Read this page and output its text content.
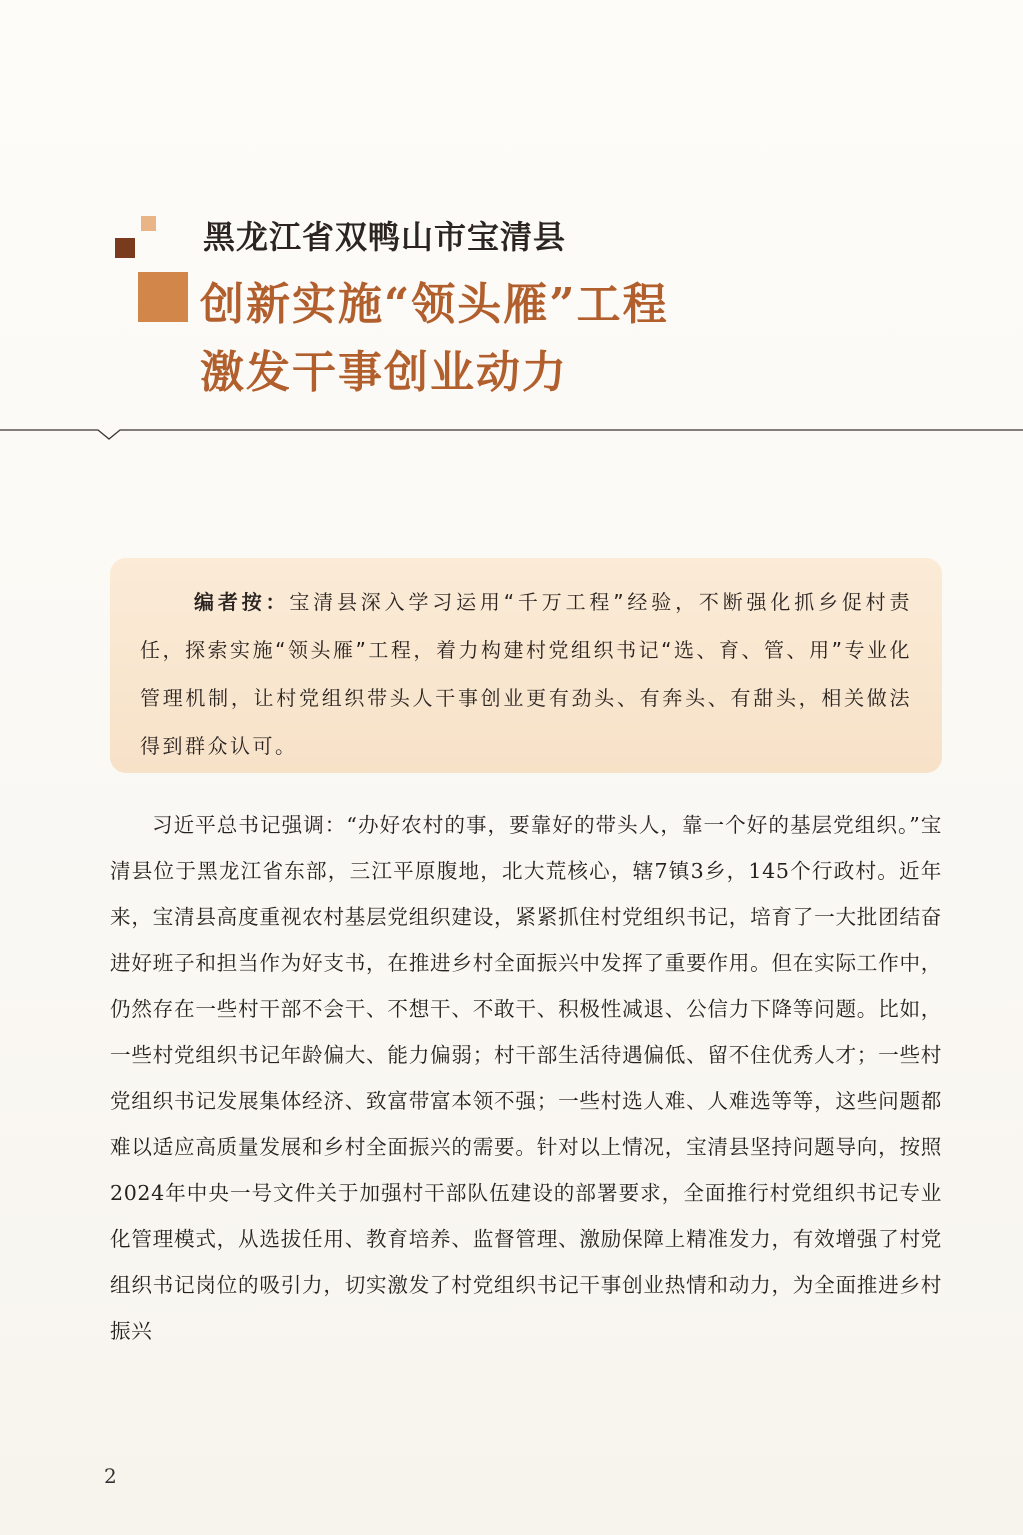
黑龙江省双鸭山市宝清县
创新实施“领头雁”工程
激发干事创业动力
编者按：宝清县深入学习运用“千万工程”经验，不断强化抓乡促村责任，探索实施“领头雁”工程，着力构建村党组织书记“选、育、管、用”专业化管理机制，让村党组织带头人干事创业更有劲头、有奔头、有甜头，相关做法得到群众认可。

习近平总书记强调：“办好农村的事，要靠好的带头人，靠一个好的基层党组织。”宝清县位于黑龙江省东部，三江平原腹地，北大荒核心，辖7镇3乡，145个行政村。近年来，宝清县高度重视农村基层党组织建设，紧紧抓住村党组织书记，培育了一大批团结奋进好班子和担当作为好支书，在推进乡村全面振兴中发挥了重要作用。但在实际工作中，仍然存在一些村干部不会干、不想干、不敢干、积极性减退、公信力下降等问题。比如，一些村党组织书记年龄偏大、能力偏弱；村干部生活待遇偏低、留不住优秀人才；一些村党组织书记发展集体经济、致富带富本领不强；一些村选人难、人难选等等，这些问题都难以适应高质量发展和乡村全面振兴的需要。针对以上情况，宝清县坚持问题导向，按照2024年中央一号文件关于加强村干部队伍建设的部署要求，全面推行村党组织书记专业化管理模式，从选拔任用、教育培养、监督管理、激励保障上精准发力，有效增强了村党组织书记岗位的吸引力，切实激发了村党组织书记干事创业热情和动力，为全面推进乡村振兴

2
